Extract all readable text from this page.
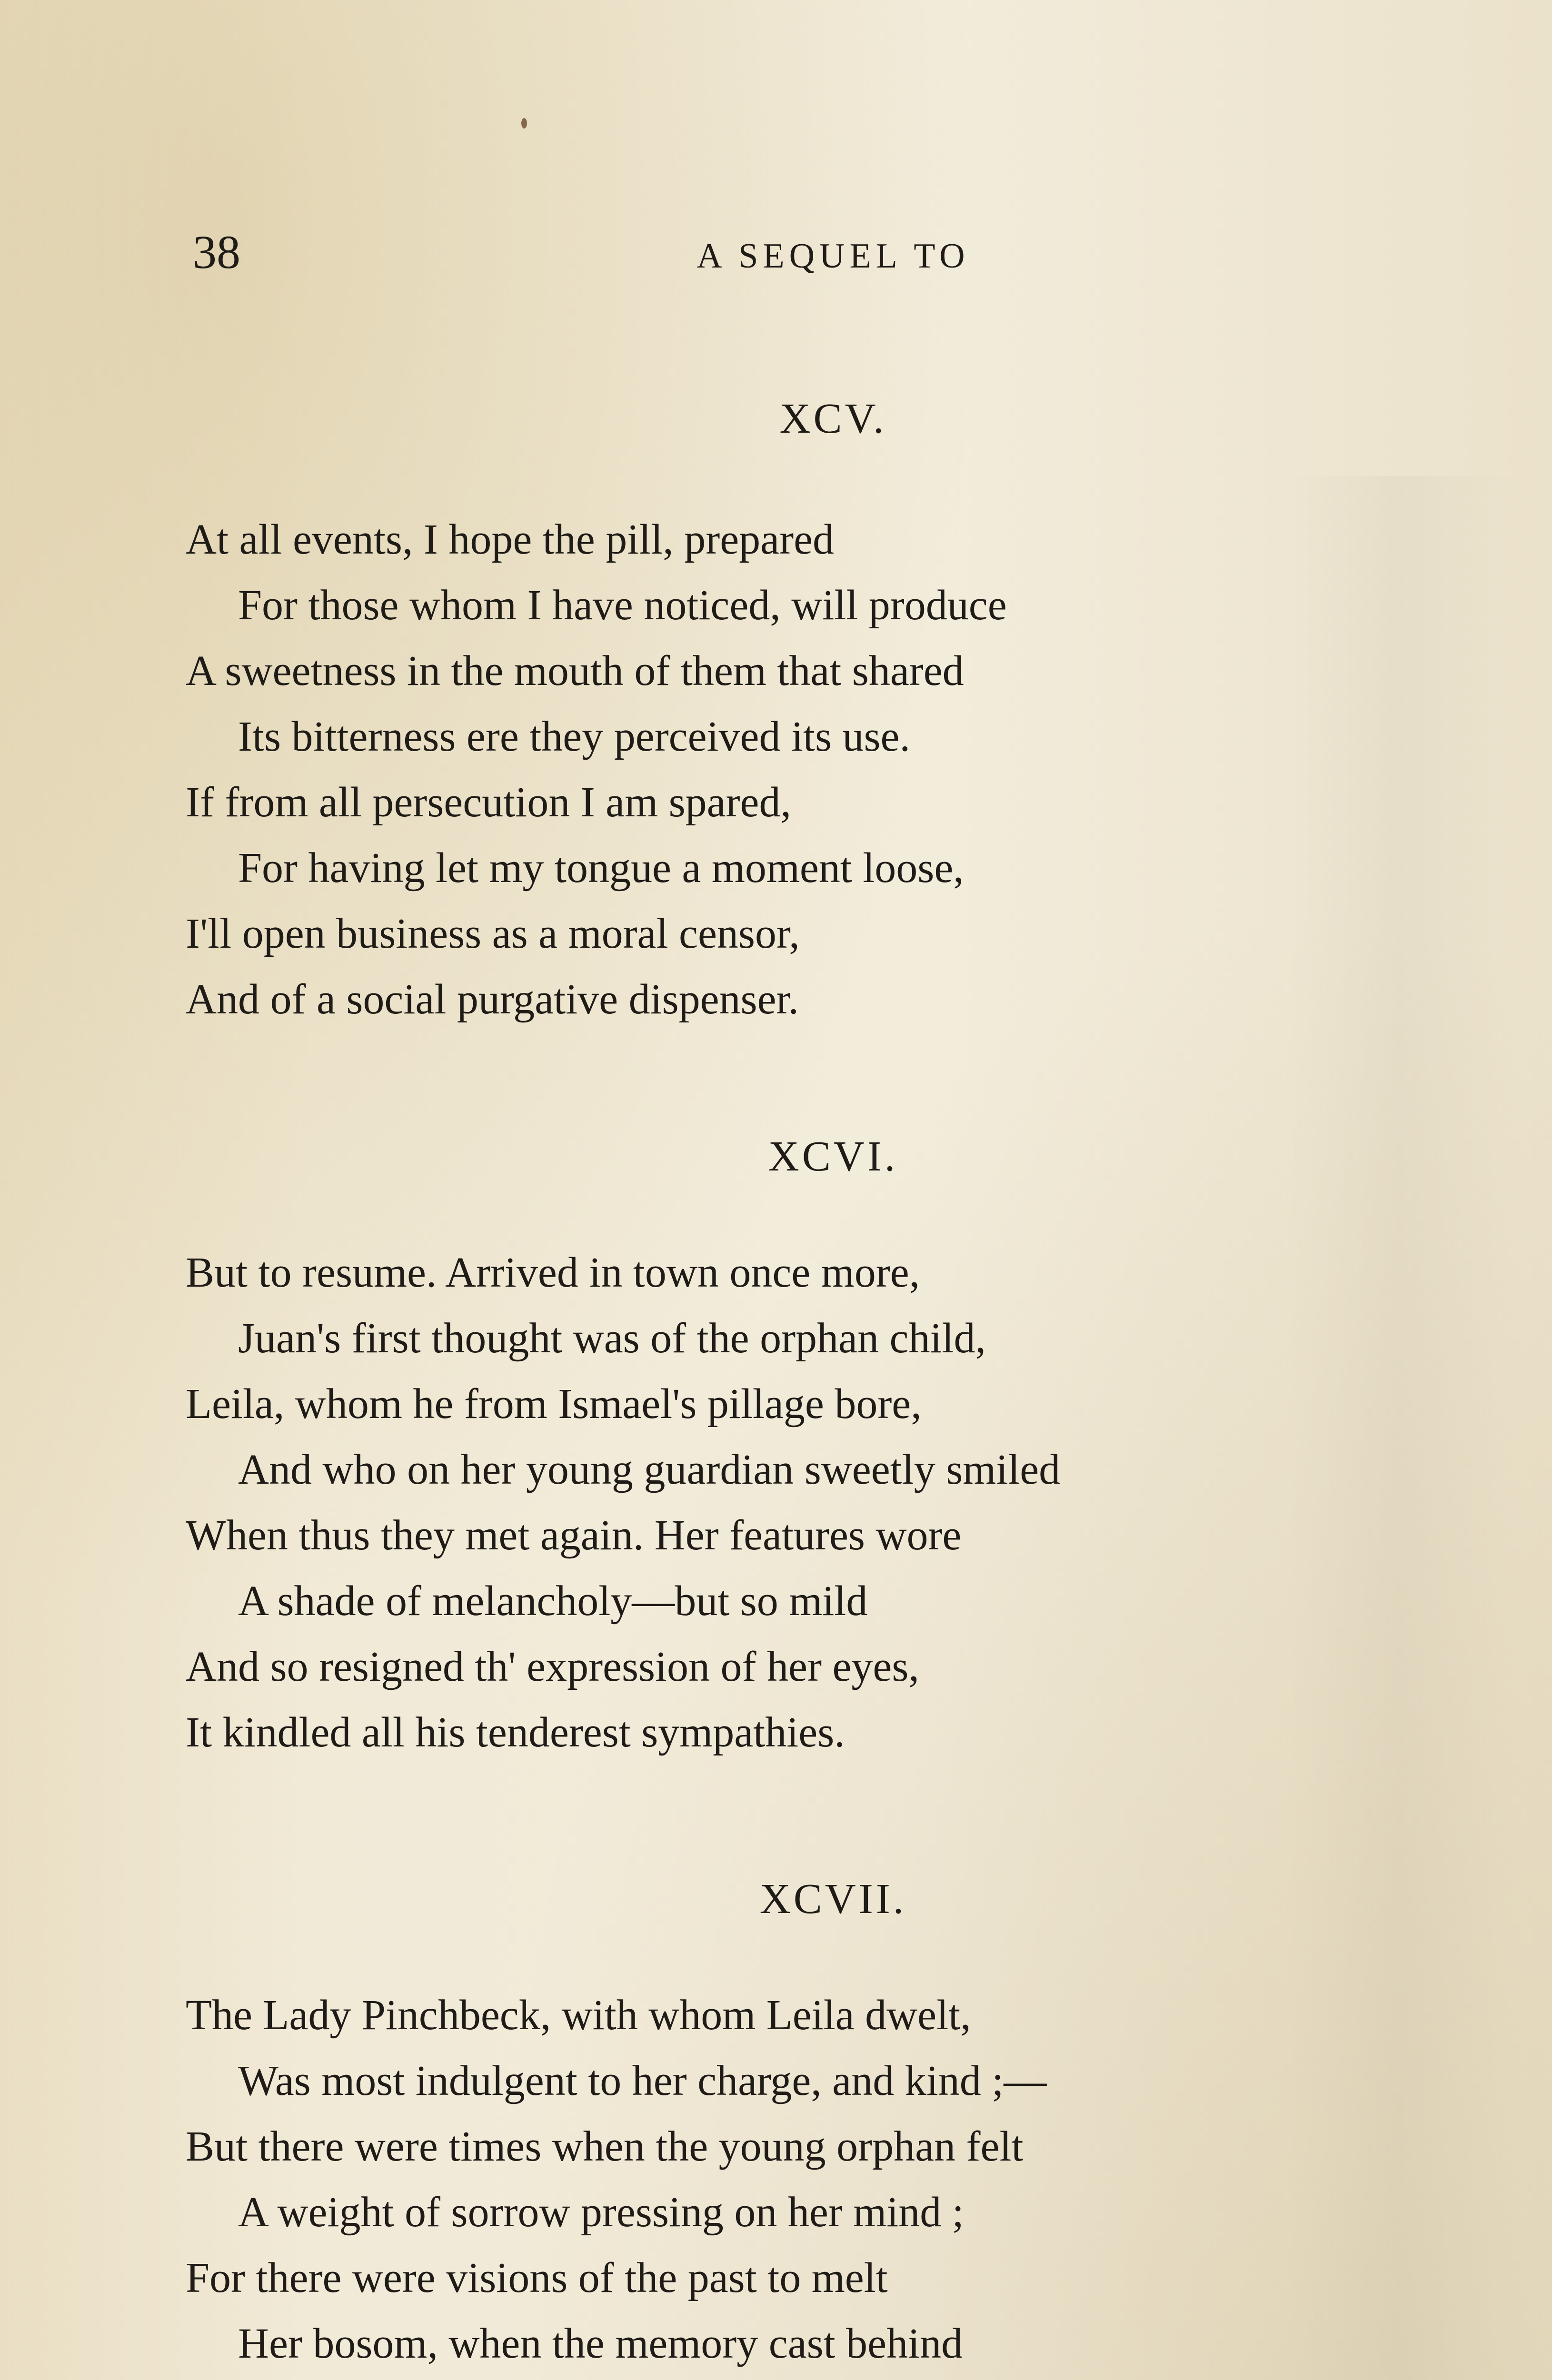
38	A SEQUEL TO
XCV.
At all events, I hope the pill, prepared
For those whom I have noticed, will produce
A sweetness in the mouth of them that shared
Its bitterness ere they perceived its use.
If from all persecution I am spared,
For having let my tongue a moment loose,
I'll open business as a moral censor,
And of a social purgative dispenser.
XCVI.
But to resume. Arrived in town once more,
Juan's first thought was of the orphan child,
Leila, whom he from Ismael's pillage bore,
And who on her young guardian sweetly smiled
When thus they met again. Her features wore
A shade of melancholy—but so mild
And so resigned th' expression of her eyes,
It kindled all his tenderest sympathies.
XCVII.
The Lady Pinchbeck, with whom Leila dwelt,
Was most indulgent to her charge, and kind ;—
But there were times when the young orphan felt
A weight of sorrow pressing on her mind ;
For there were visions of the past to melt
Her bosom, when the memory cast behind
